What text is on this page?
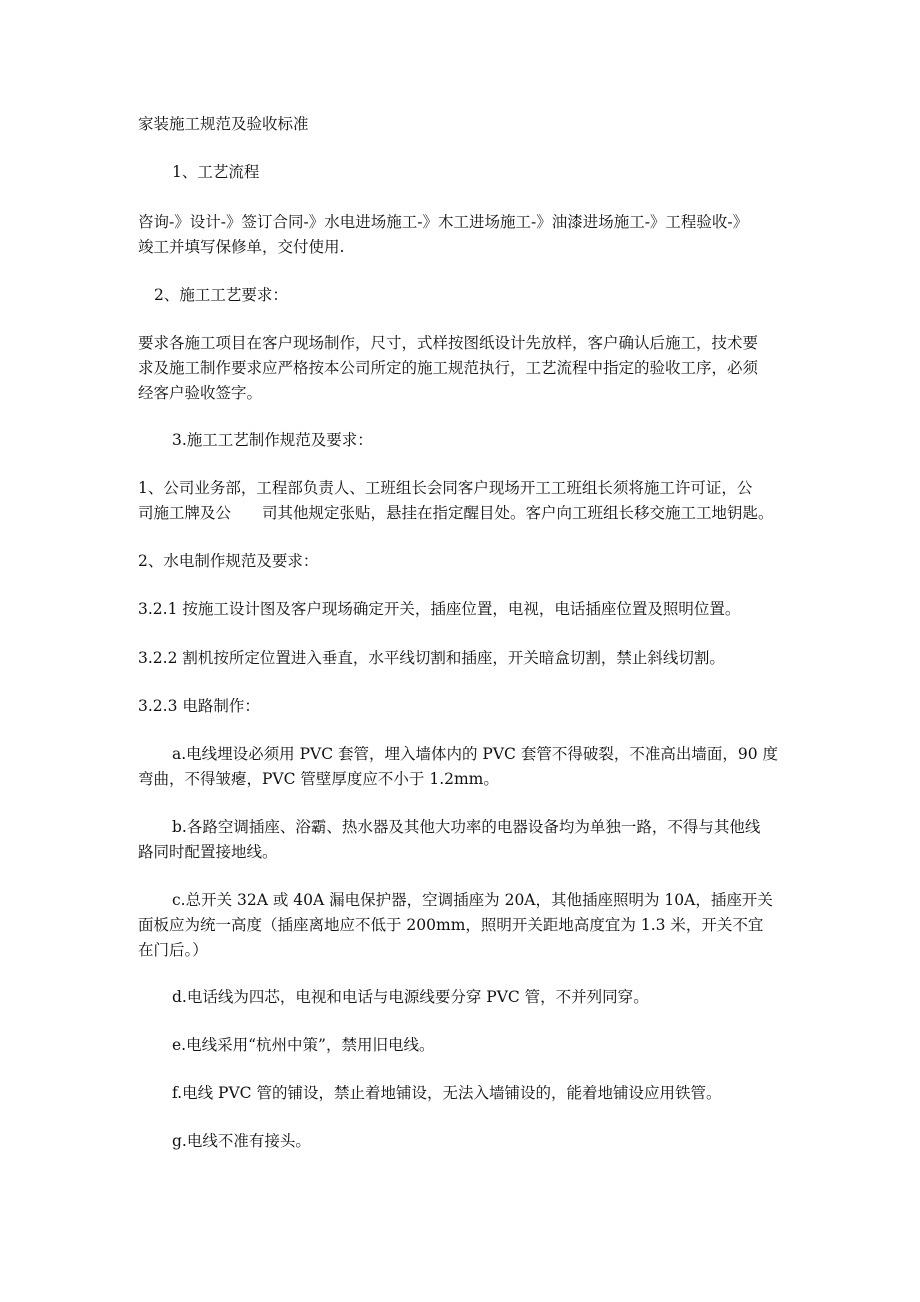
家装施工规范及验收标准

1、工艺流程

咨询-》设计-》签订合同-》水电进场施工-》木工进场施工-》油漆进场施工-》工程验收-》
竣工并填写保修单，交付使用.

2、施工工艺要求：

要求各施工项目在客户现场制作，尺寸，式样按图纸设计先放样，客户确认后施工，技术要
求及施工制作要求应严格按本公司所定的施工规范执行，工艺流程中指定的验收工序，必须
经客户验收签字。

3.施工工艺制作规范及要求：

1、公司业务部，工程部负责人、工班组长会同客户现场开工工班组长须将施工许可证，公
司施工牌及公　　司其他规定张贴，悬挂在指定醒目处。客户向工班组长移交施工工地钥匙。

2、水电制作规范及要求：

3.2.1 按施工设计图及客户现场确定开关，插座位置，电视，电话插座位置及照明位置。

3.2.2 割机按所定位置进入垂直，水平线切割和插座，开关暗盒切割，禁止斜线切割。

3.2.3 电路制作：

a.电线埋设必须用 PVC 套管，埋入墙体内的 PVC 套管不得破裂，不准高出墙面，90 度
弯曲，不得皱瘪，PVC 管壁厚度应不小于 1.2mm。

b.各路空调插座、浴霸、热水器及其他大功率的电器设备均为单独一路，不得与其他线
路同时配置接地线。

c.总开关 32A 或 40A 漏电保护器，空调插座为 20A，其他插座照明为 10A，插座开关
面板应为统一高度（插座离地应不低于 200mm，照明开关距地高度宜为 1.3 米，开关不宜
在门后。）

d.电话线为四芯，电视和电话与电源线要分穿 PVC 管，不并列同穿。

e.电线采用“杭州中策”，禁用旧电线。

f.电线 PVC 管的铺设，禁止着地铺设，无法入墙铺设的，能着地铺设应用铁管。

g.电线不准有接头。
